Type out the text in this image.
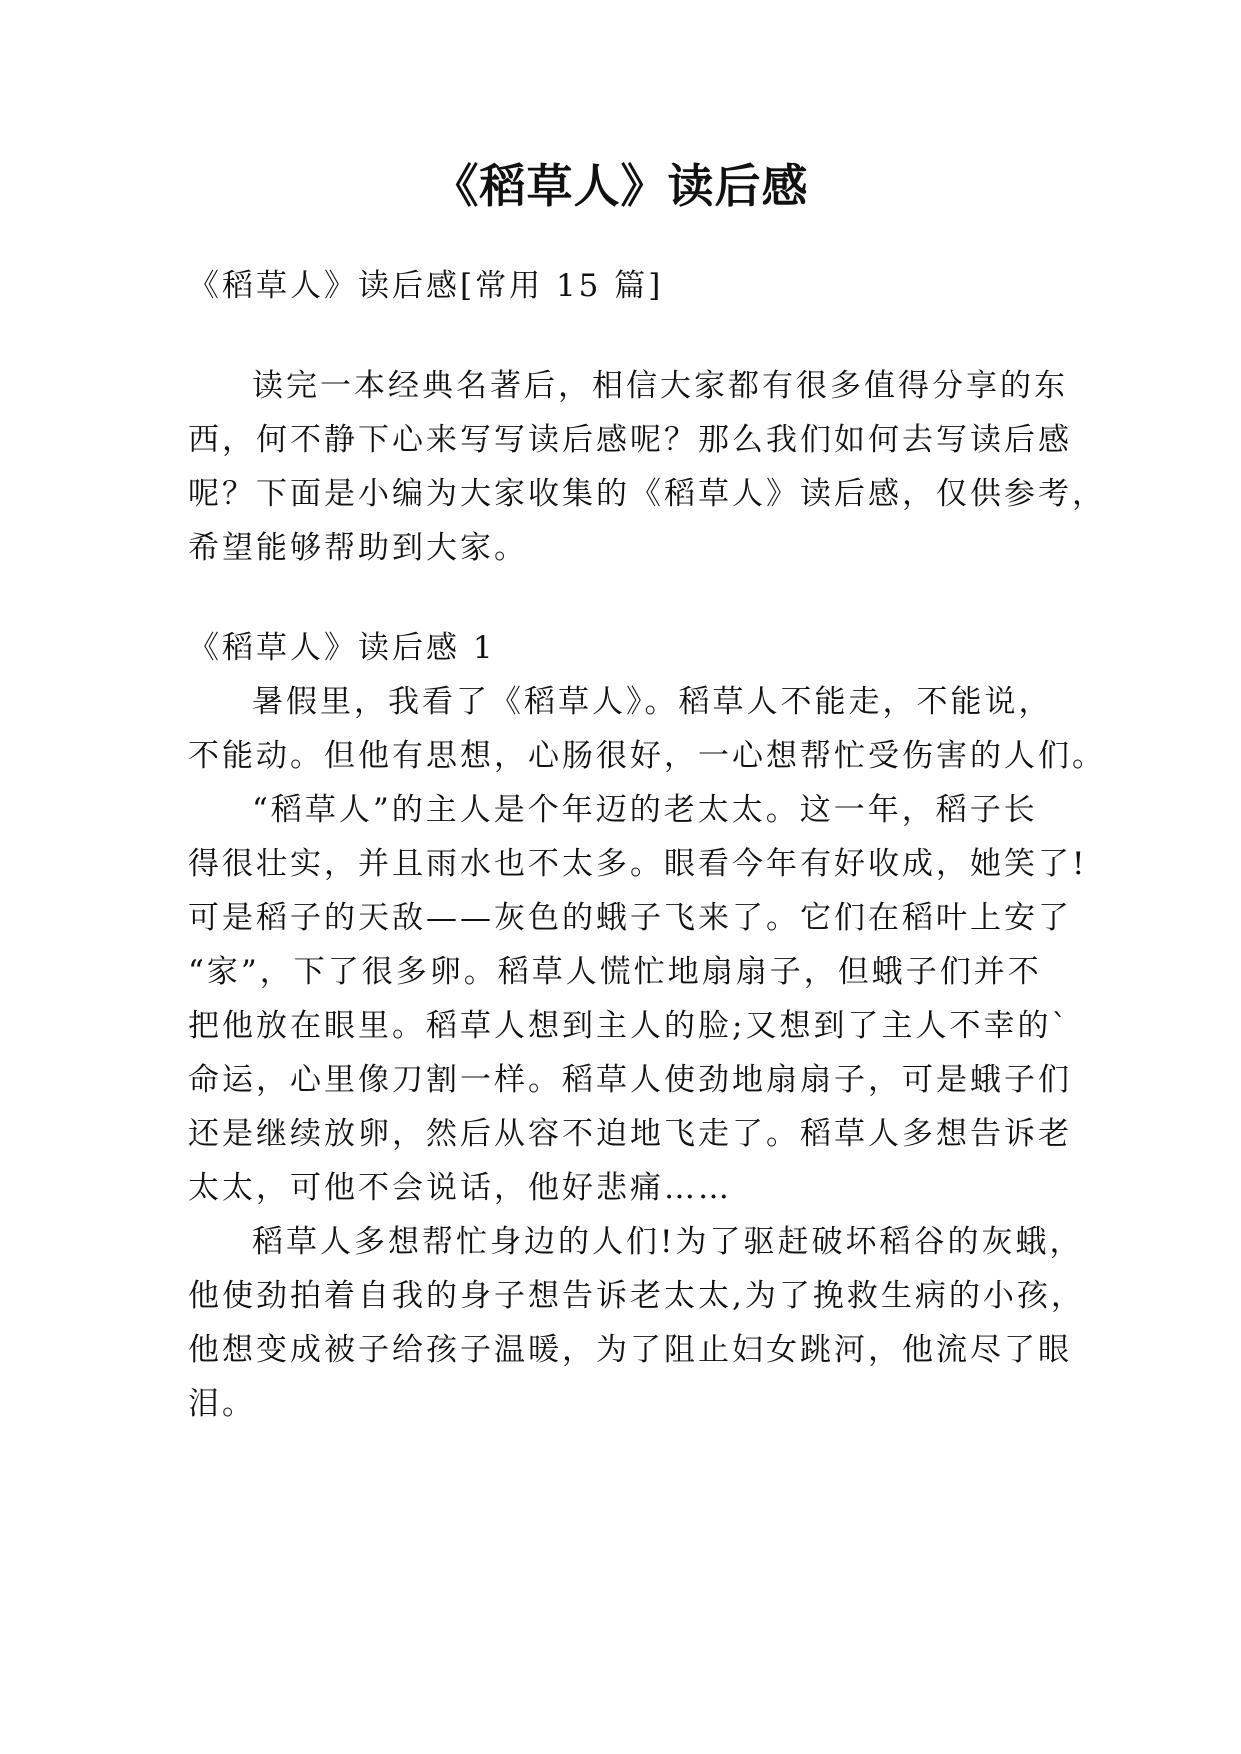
《稻草人》读后感
《稻草人》读后感[常用 15 篇]
读完一本经典名著后，相信大家都有很多值得分享的东
西，何不静下心来写写读后感呢？那么我们如何去写读后感
呢？下面是小编为大家收集的《稻草人》读后感，仅供参考，
希望能够帮助到大家。
《稻草人》读后感 1
暑假里，我看了《稻草人》。稻草人不能走，不能说，
不能动。但他有思想，心肠很好，一心想帮忙受伤害的人们。
“稻草人”的主人是个年迈的老太太。这一年，稻子长
得很壮实，并且雨水也不太多。眼看今年有好收成，她笑了!
可是稻子的天敌——灰色的蛾子飞来了。它们在稻叶上安了
“家”，下了很多卵。稻草人慌忙地扇扇子，但蛾子们并不
把他放在眼里。稻草人想到主人的脸;又想到了主人不幸的`
命运，心里像刀割一样。稻草人使劲地扇扇子，可是蛾子们
还是继续放卵，然后从容不迫地飞走了。稻草人多想告诉老
太太，可他不会说话，他好悲痛……
稻草人多想帮忙身边的人们!为了驱赶破坏稻谷的灰蛾，
他使劲拍着自我的身子想告诉老太太,为了挽救生病的小孩，
他想变成被子给孩子温暖，为了阻止妇女跳河，他流尽了眼
泪。
